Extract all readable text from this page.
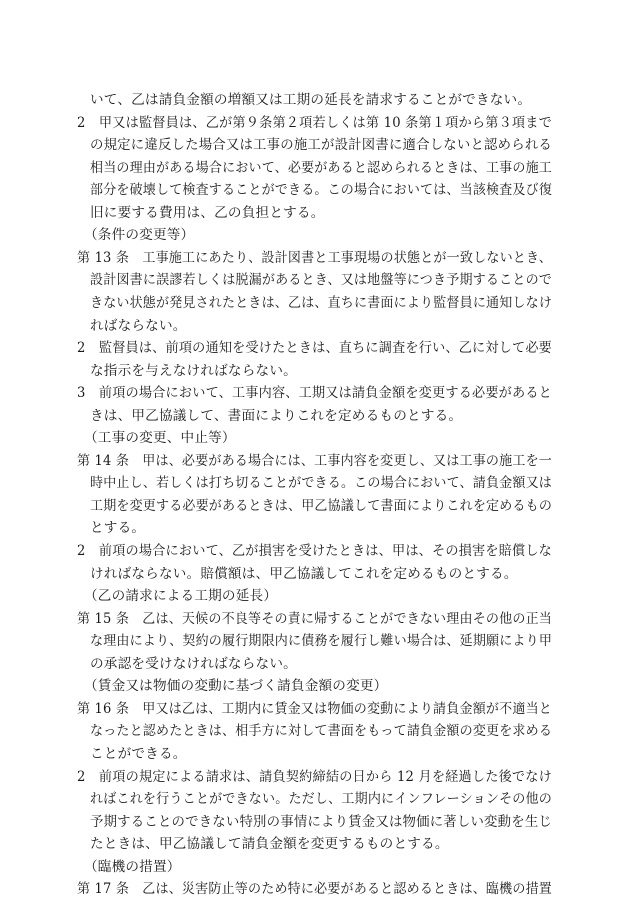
いて、乙は請負金額の増額又は工期の延長を請求することができない。
2　甲又は監督員は、乙が第９条第２項若しくは第 10 条第１項から第３項まで
の規定に違反した場合又は工事の施工が設計図書に適合しないと認められる
相当の理由がある場合において、必要があると認められるときは、工事の施工
部分を破壊して検査することができる。この場合においては、当該検査及び復
旧に要する費用は、乙の負担とする。
（条件の変更等）
第 13 条　工事施工にあたり、設計図書と工事現場の状態とが一致しないとき、
設計図書に誤謬若しくは脱漏があるとき、又は地盤等につき予期することので
きない状態が発見されたときは、乙は、直ちに書面により監督員に通知しなけ
ればならない。
2　監督員は、前項の通知を受けたときは、直ちに調査を行い、乙に対して必要
な指示を与えなければならない。
3　前項の場合において、工事内容、工期又は請負金額を変更する必要があると
きは、甲乙協議して、書面によりこれを定めるものとする。
（工事の変更、中止等）
第 14 条　甲は、必要がある場合には、工事内容を変更し、又は工事の施工を一
時中止し、若しくは打ち切ることができる。この場合において、請負金額又は
工期を変更する必要があるときは、甲乙協議して書面によりこれを定めるもの
とする。
2　前項の場合において、乙が損害を受けたときは、甲は、その損害を賠償しな
ければならない。賠償額は、甲乙協議してこれを定めるものとする。
（乙の請求による工期の延長）
第 15 条　乙は、天候の不良等その責に帰することができない理由その他の正当
な理由により、契約の履行期限内に債務を履行し難い場合は、延期願により甲
の承認を受けなければならない。
（賃金又は物価の変動に基づく請負金額の変更）
第 16 条　甲又は乙は、工期内に賃金又は物価の変動により請負金額が不適当と
なったと認めたときは、相手方に対して書面をもって請負金額の変更を求める
ことができる。
2　前項の規定による請求は、請負契約締結の日から 12 月を経過した後でなけ
ればこれを行うことができない。ただし、工期内にインフレーションその他の
予期することのできない特別の事情により賃金又は物価に著しい変動を生じ
たときは、甲乙協議して請負金額を変更するものとする。
（臨機の措置）
第 17 条　乙は、災害防止等のため特に必要があると認めるときは、臨機の措置
